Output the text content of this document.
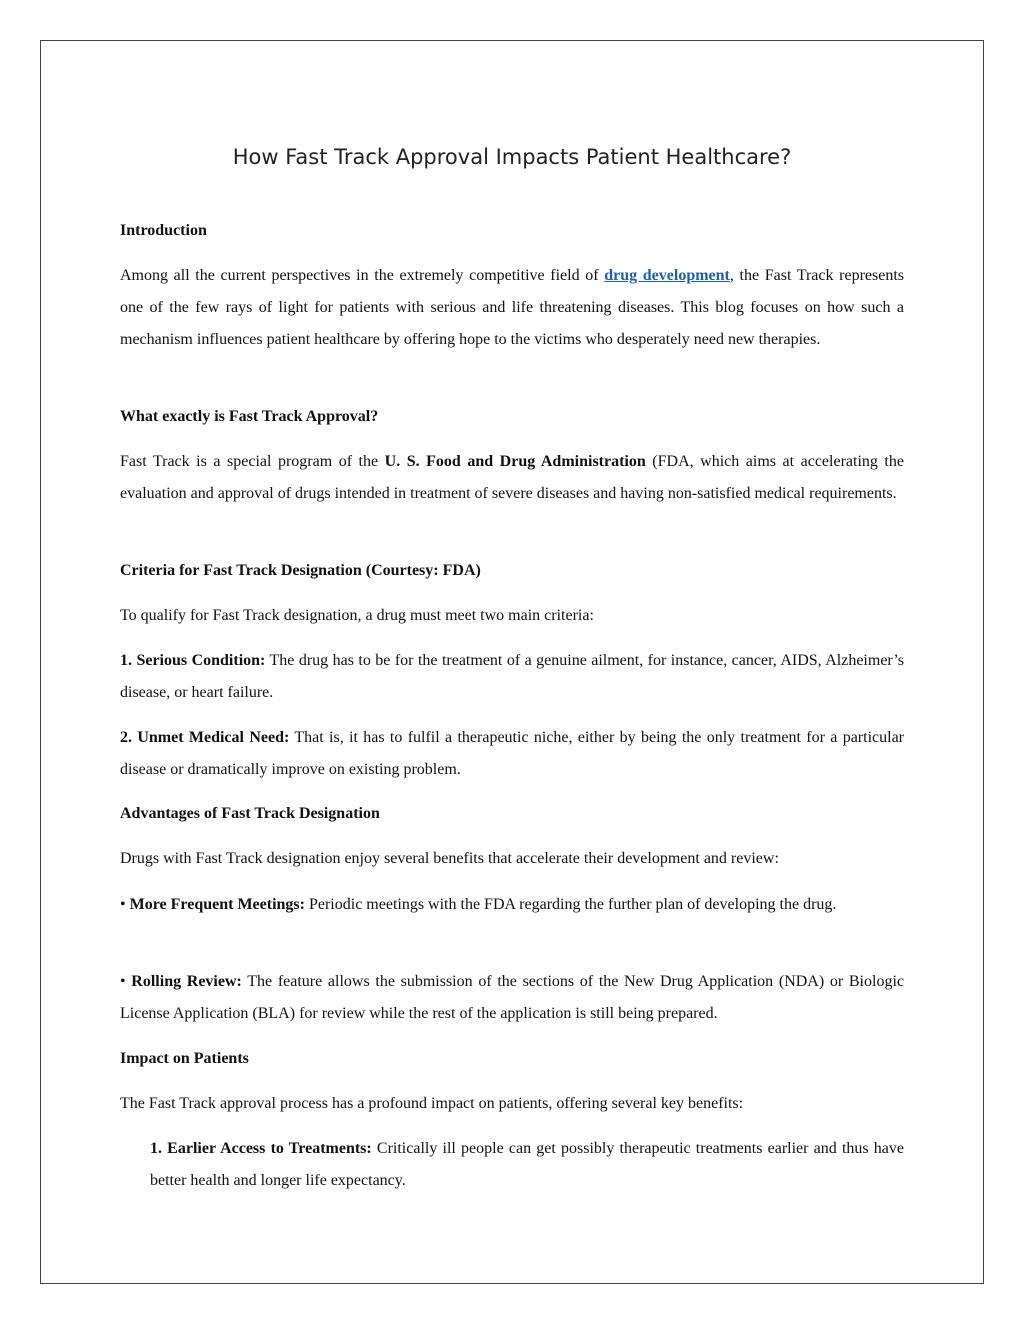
How Fast Track Approval Impacts Patient Healthcare?
Introduction

Among all the current perspectives in the extremely competitive field of drug development, the Fast Track represents one of the few rays of light for patients with serious and life threatening diseases. This blog focuses on how such a mechanism influences patient healthcare by offering hope to the victims who desperately need new therapies.

What exactly is Fast Track Approval?

Fast Track is a special program of the U. S. Food and Drug Administration (FDA, which aims at accelerating the evaluation and approval of drugs intended in treatment of severe diseases and having non-satisfied medical requirements.

Criteria for Fast Track Designation (Courtesy: FDA)

To qualify for Fast Track designation, a drug must meet two main criteria:

1. Serious Condition: The drug has to be for the treatment of a genuine ailment, for instance, cancer, AIDS, Alzheimer’s disease, or heart failure.

2. Unmet Medical Need: That is, it has to fulfil a therapeutic niche, either by being the only treatment for a particular disease or dramatically improve on existing problem.

Advantages of Fast Track Designation

Drugs with Fast Track designation enjoy several benefits that accelerate their development and review:

• More Frequent Meetings: Periodic meetings with the FDA regarding the further plan of developing the drug.

• Rolling Review: The feature allows the submission of the sections of the New Drug Application (NDA) or Biologic License Application (BLA) for review while the rest of the application is still being prepared.

Impact on Patients

The Fast Track approval process has a profound impact on patients, offering several key benefits:

1. Earlier Access to Treatments: Critically ill people can get possibly therapeutic treatments earlier and thus have better health and longer life expectancy.
